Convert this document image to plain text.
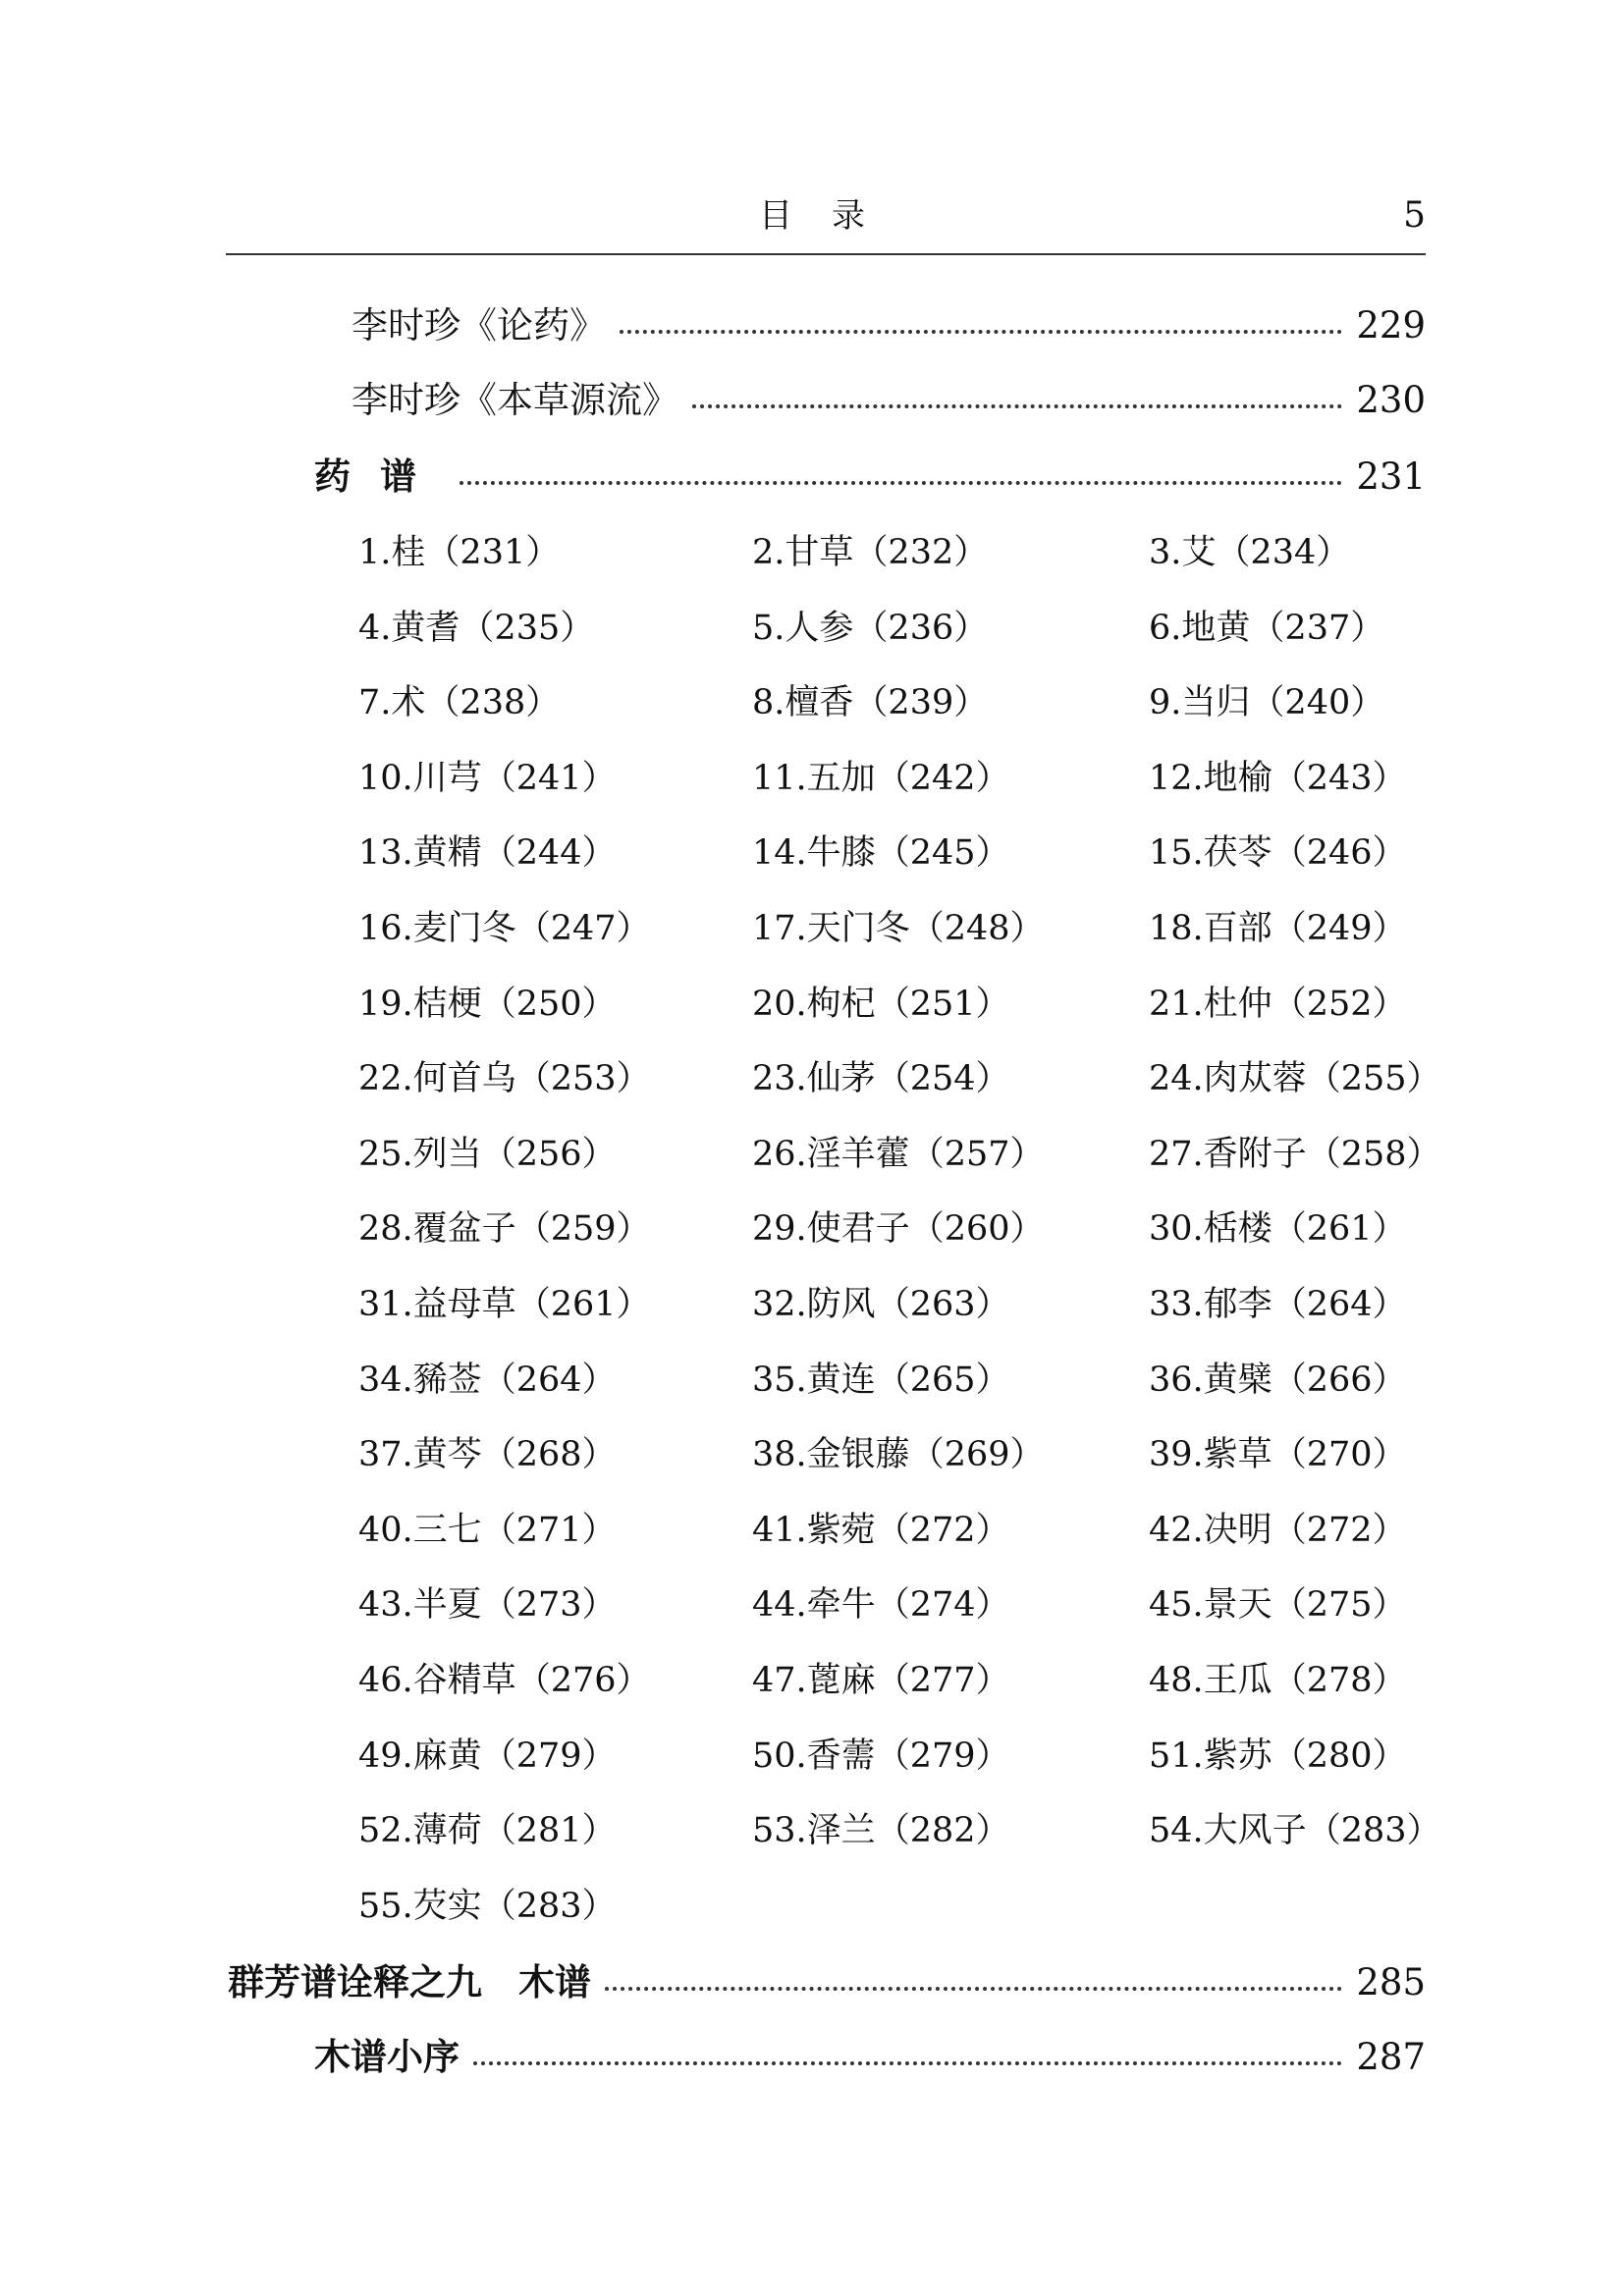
目 录	5
李时珍《论药》	229
李时珍《本草源流》	230
药谱	231
1.桂（231）	2.甘草（232）	3.艾（234）
4.黄耆（235）	5.人参（236）	6.地黄（237）
7.术（238）	8.檀香（239）	9.当归（240）
10.川芎（241）	11.五加（242）	12.地榆（243）
13.黄精（244）	14.牛膝（245）	15.茯苓（246）
16.麦门冬（247）	17.天门冬（248）	18.百部（249）
19.桔梗（250）	20.枸杞（251）	21.杜仲（252）
22.何首乌（253）	23.仙茅（254）	24.肉苁蓉（255）
25.列当（256）	26.淫羊藿（257）	27.香附子（258）
28.覆盆子（259）	29.使君子（260）	30.栝楼（261）
31.益母草（261）	32.防风（263）	33.郁李（264）
34.豨莶（264）	35.黄连（265）	36.黄檗（266）
37.黄芩（268）	38.金银藤（269）	39.紫草（270）
40.三七（271）	41.紫菀（272）	42.决明（272）
43.半夏（273）	44.牵牛（274）	45.景天（275）
46.谷精草（276）	47.蓖麻（277）	48.王瓜（278）
49.麻黄（279）	50.香薷（279）	51.紫苏（280）
52.薄荷（281）	53.泽兰（282）	54.大风子（283）
55.芡实（283）
群芳谱诠释之九　木谱	285
木谱小序	287
